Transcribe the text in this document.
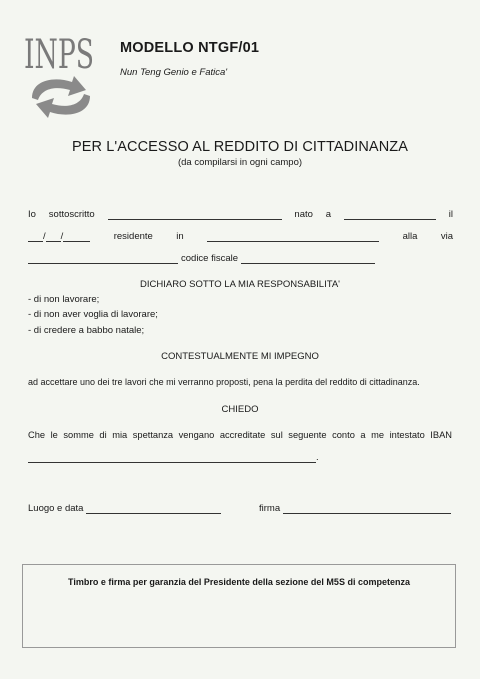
INPS MODELLO NTGF/01
Nun Teng Genio e Fatica'
PER L'ACCESSO AL REDDITO DI CITTADINANZA
(da compilarsi in ogni campo)
Io sottoscritto	nato a	il
/ /	residente in	alla via
codice fiscale
DICHIARO SOTTO LA MIA RESPONSABILITA'
- di non lavorare;
- di non aver voglia di lavorare;
- di credere a babbo natale;
CONTESTUALMENTE MI IMPEGNO
ad accettare uno dei tre lavori che mi verranno proposti, pena la perdita del reddito di cittadinanza.
CHIEDO
Che le somme di mia spettanza vengano accreditate sul seguente conto a me intestato IBAN
.
Luogo e data	firma
Timbro e firma per garanzia del Presidente della sezione del M5S di competenza
